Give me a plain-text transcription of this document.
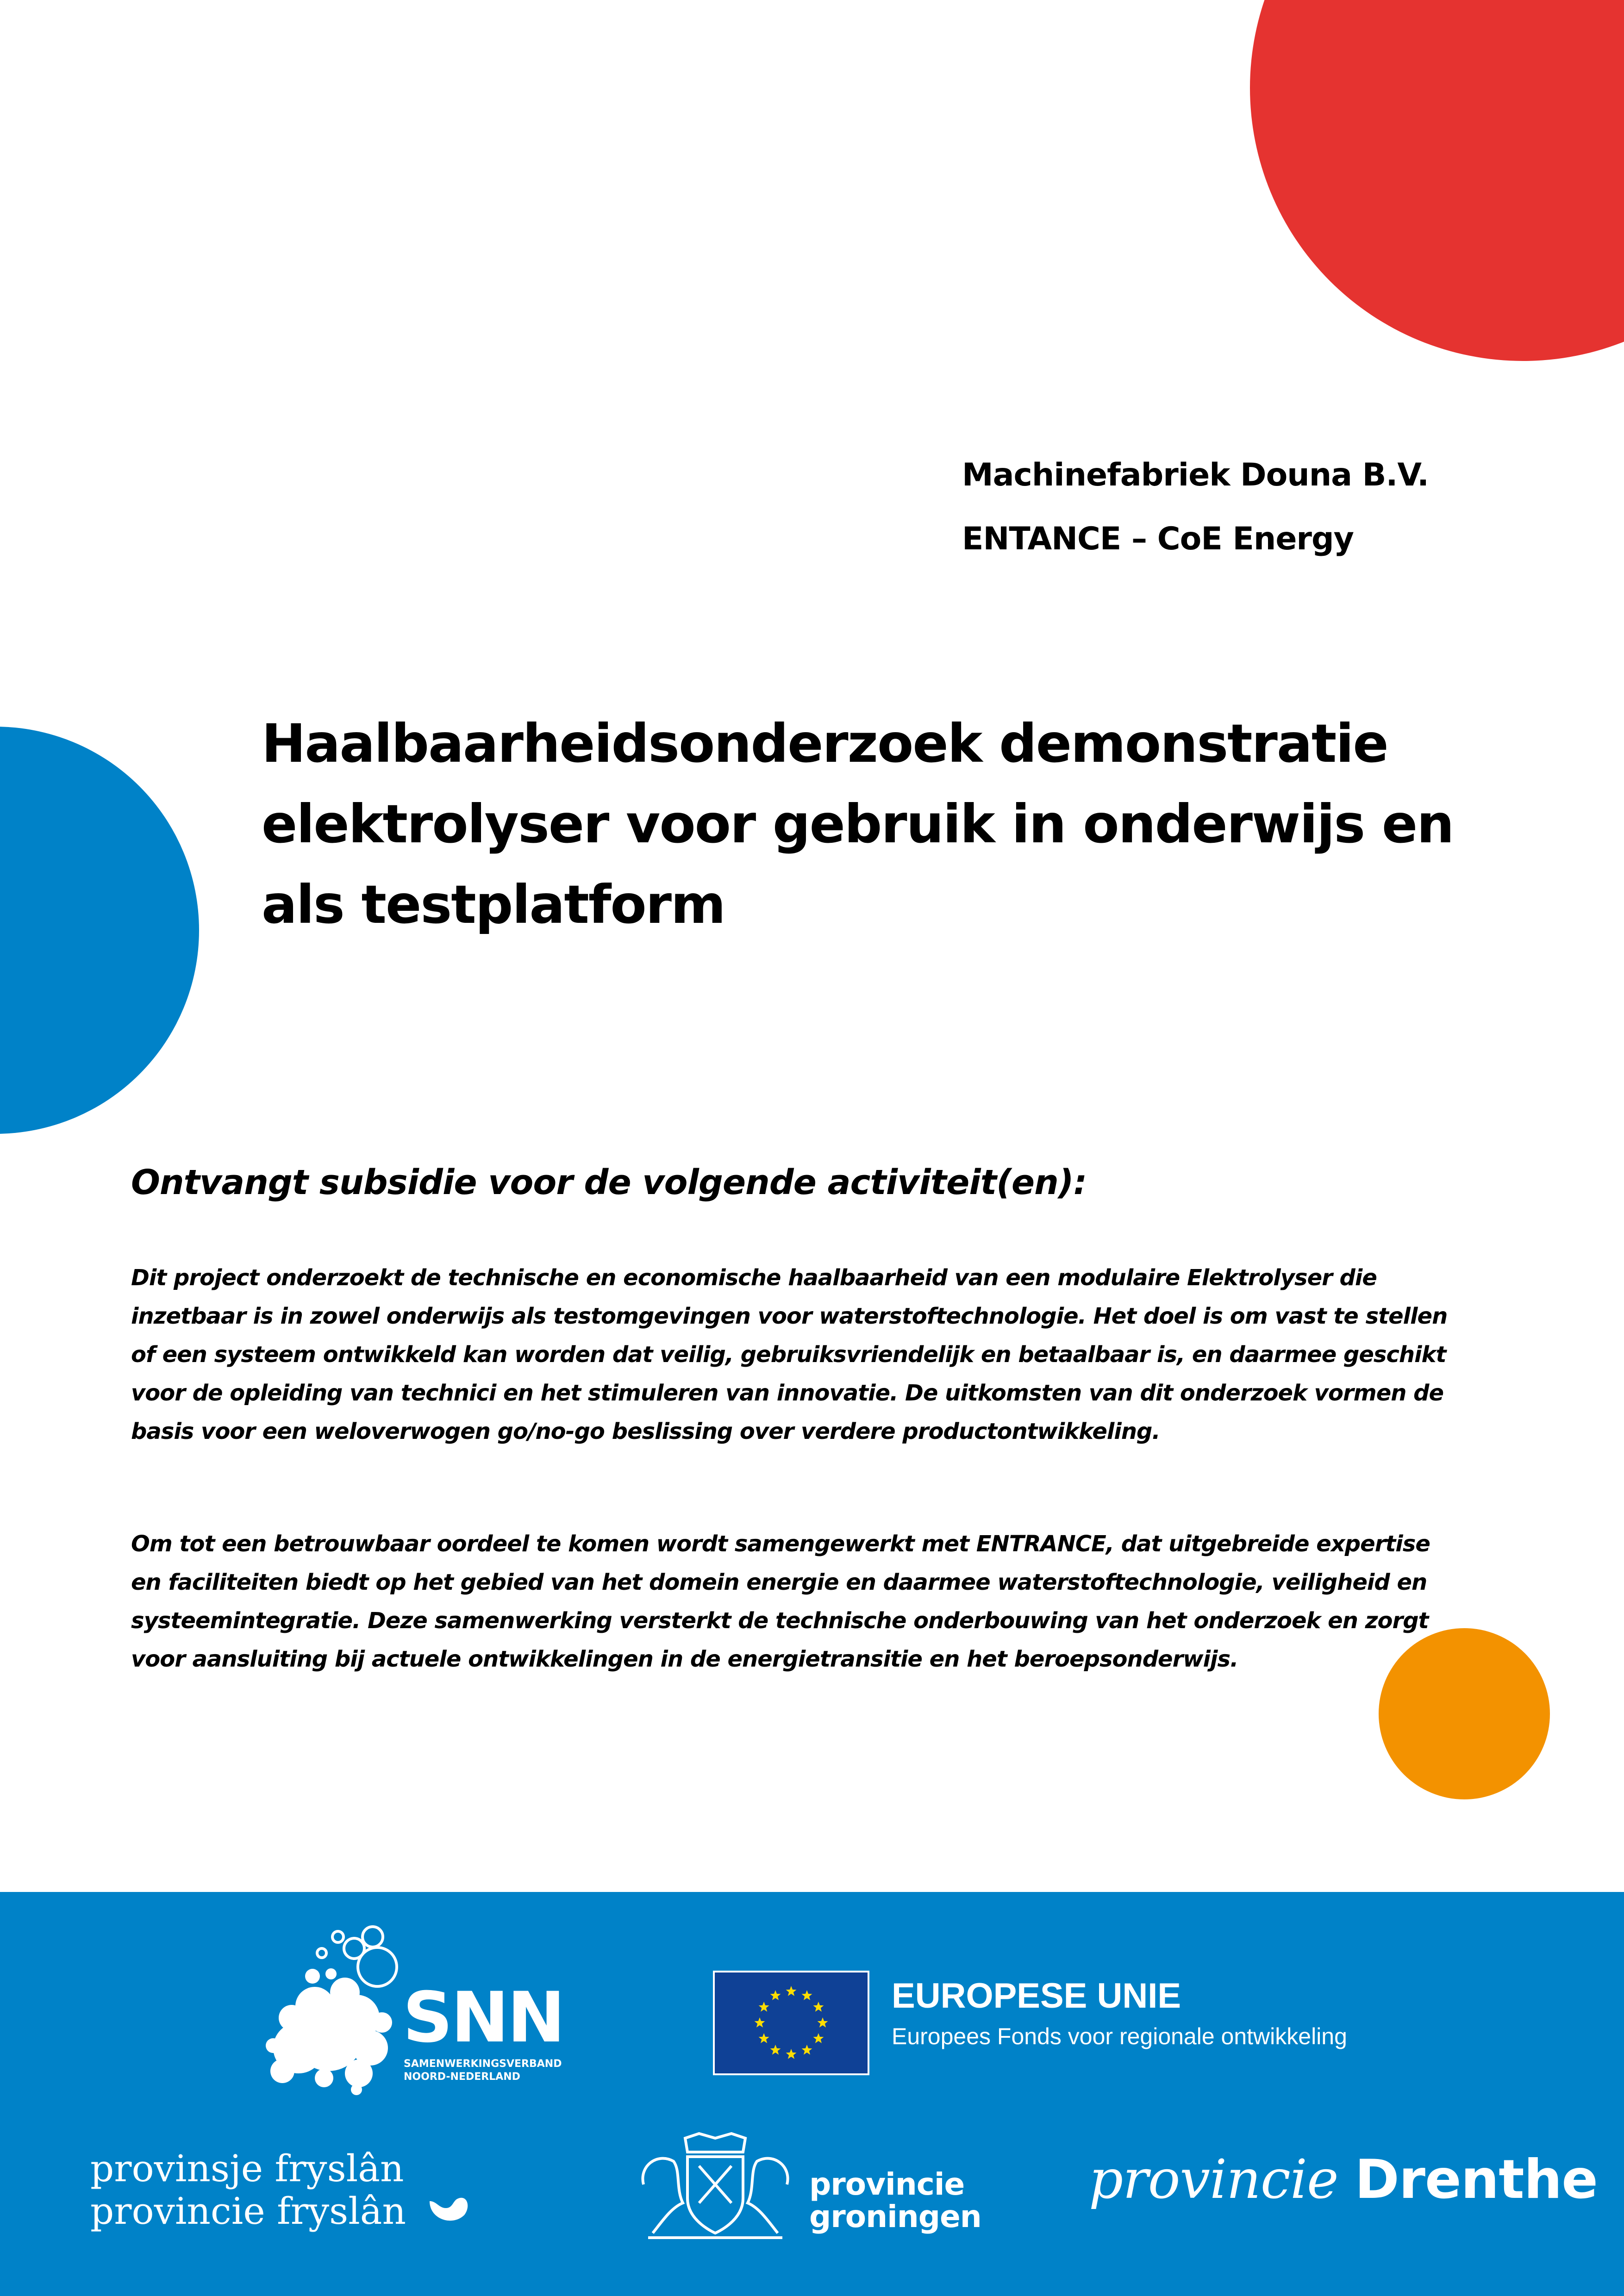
Machinefabriek Douna B.V.
ENTANCE – CoE Energy
Haalbaarheidsonderzoek demonstratie elektrolyser voor gebruik in onderwijs en als testplatform
Ontvangt subsidie voor de volgende activiteit(en):

Dit project onderzoekt de technische en economische haalbaarheid van een modulaire Elektrolyser die inzetbaar is in zowel onderwijs als testomgevingen voor waterstoftechnologie. Het doel is om vast te stellen of een systeem ontwikkeld kan worden dat veilig, gebruiksvriendelijk en betaalbaar is, en daarmee geschikt voor de opleiding van technici en het stimuleren van innovatie. De uitkomsten van dit onderzoek vormen de basis voor een weloverwogen go/no-go beslissing over verdere productontwikkeling.

Om tot een betrouwbaar oordeel te komen wordt samengewerkt met ENTRANCE, dat uitgebreide expertise en faciliteiten biedt op het gebied van het domein energie en daarmee waterstoftechnologie, veiligheid en systeemintegratie. Deze samenwerking versterkt de technische onderbouwing van het onderzoek en zorgt voor aansluiting bij actuele ontwikkelingen in de energietransitie en het beroepsonderwijs.

SNN
SAMENWERKINGSVERBAND
NOORD-NEDERLAND
EUROPESE UNIE
Europees Fonds voor regionale ontwikkeling
provinsje fryslân
provincie fryslân
provincie
groningen
provincie Drenthe
